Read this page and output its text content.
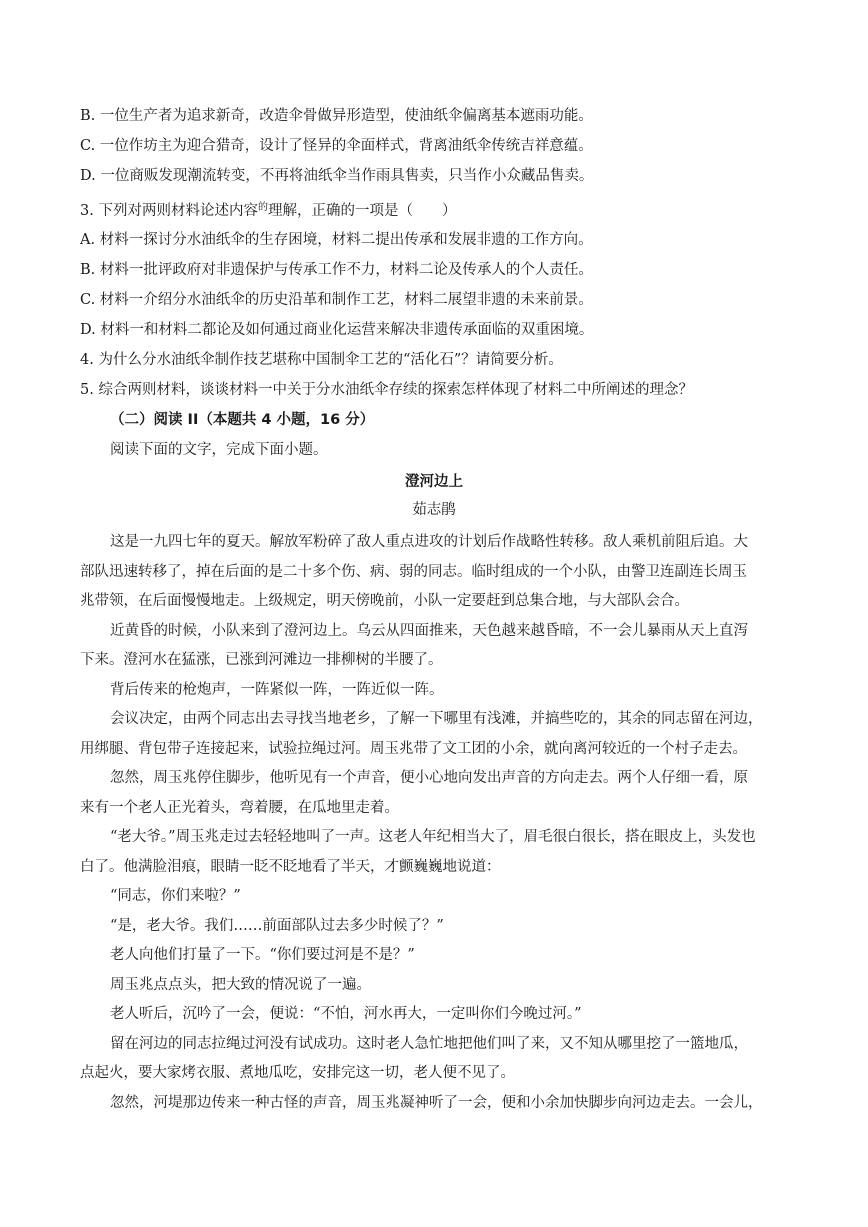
B. 一位生产者为追求新奇，改造伞骨做异形造型，使油纸伞偏离基本遮雨功能。
C. 一位作坊主为迎合猎奇，设计了怪异的伞面样式，背离油纸伞传统吉祥意蕴。
D. 一位商贩发现潮流转变，不再将油纸伞当作雨具售卖，只当作小众藏品售卖。
3. 下列对两则材料论述内容$^的$理解，正确的一项是（　　）
A. 材料一探讨分水油纸伞的生存困境，材料二提出传承和发展非遗的工作方向。
B. 材料一批评政府对非遗保护与传承工作不力，材料二论及传承人的个人责任。
C. 材料一介绍分水油纸伞的历史沿革和制作工艺，材料二展望非遗的未来前景。
D. 材料一和材料二都论及如何通过商业化运营来解决非遗传承面临的双重困境。
4. 为什么分水油纸伞制作技艺堪称中国制伞工艺的“活化石”？请简要分析。
5. 综合两则材料，谈谈材料一中关于分水油纸伞存续的探索怎样体现了材料二中所阐述的理念？
（二）阅读 II（本题共 4 小题，16 分）
阅读下面的文字，完成下面小题。
澄河边上
茹志鹃
这是一九四七年的夏天。解放军粉碎了敌人重点进攻的计划后作战略性转移。敌人乘机前阻后追。大
部队迅速转移了，掉在后面的是二十多个伤、病、弱的同志。临时组成的一个小队，由警卫连副连长周玉
兆带领，在后面慢慢地走。上级规定，明天傍晚前，小队一定要赶到总集合地，与大部队会合。
近黄昏的时候，小队来到了澄河边上。乌云从四面推来，天色越来越昏暗，不一会儿暴雨从天上直泻
下来。澄河水在猛涨，已涨到河滩边一排柳树的半腰了。
背后传来的枪炮声，一阵紧似一阵，一阵近似一阵。
会议决定，由两个同志出去寻找当地老乡，了解一下哪里有浅滩，并搞些吃的，其余的同志留在河边，
用绑腿、背包带子连接起来，试验拉绳过河。周玉兆带了文工团的小余，就向离河较近的一个村子走去。
忽然，周玉兆停住脚步，他听见有一个声音，便小心地向发出声音的方向走去。两个人仔细一看，原
来有一个老人正光着头，弯着腰，在瓜地里走着。
“老大爷。”周玉兆走过去轻轻地叫了一声。这老人年纪相当大了，眉毛很白很长，搭在眼皮上，头发也
白了。他满脸泪痕，眼睛一眨不眨地看了半天，才颤巍巍地说道：
“同志，你们来啦？”
“是，老大爷。我们……前面部队过去多少时候了？”
老人向他们打量了一下。“你们要过河是不是？”
周玉兆点点头，把大致的情况说了一遍。
老人听后，沉吟了一会，便说：“不怕，河水再大，一定叫你们今晚过河。”
留在河边的同志拉绳过河没有试成功。这时老人急忙地把他们叫了来，又不知从哪里挖了一篮地瓜，
点起火，要大家烤衣服、煮地瓜吃，安排完这一切，老人便不见了。
忽然，河堤那边传来一种古怪的声音，周玉兆凝神听了一会，便和小余加快脚步向河边走去。一会儿，
